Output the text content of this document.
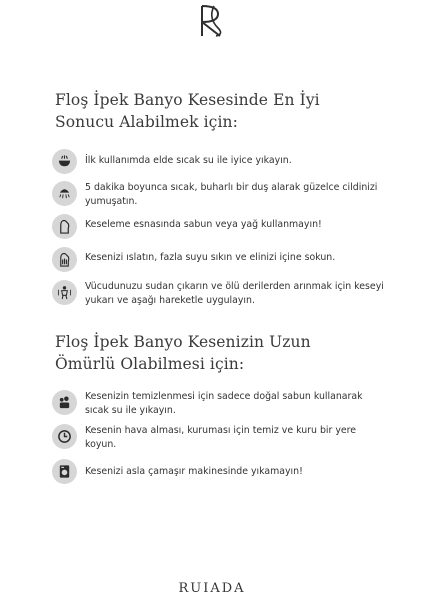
Floş İpek Banyo Kesesinde En İyi
Sonucu Alabilmek için:
İlk kullanımda elde sıcak su ile iyice yıkayın.
5 dakika boyunca sıcak, buharlı bir duş alarak güzelce cildinizi yumuşatın.
Keseleme esnasında sabun veya yağ kullanmayın!
Kesenizi ıslatın, fazla suyu sıkın ve elinizi içine sokun.
Vücudunuzu sudan çıkarın ve ölü derilerden arınmak için keseyi yukarı ve aşağı hareketle uygulayın.
Floş İpek Banyo Kesenizin Uzun
Ömürlü Olabilmesi için:
Kesenizin temizlenmesi için sadece doğal sabun kullanarak sıcak su ile yıkayın.
Kesenin hava alması, kuruması için temiz ve kuru bir yere koyun.
Kesenizi asla çamaşır makinesinde yıkamayın!
RUIADA
